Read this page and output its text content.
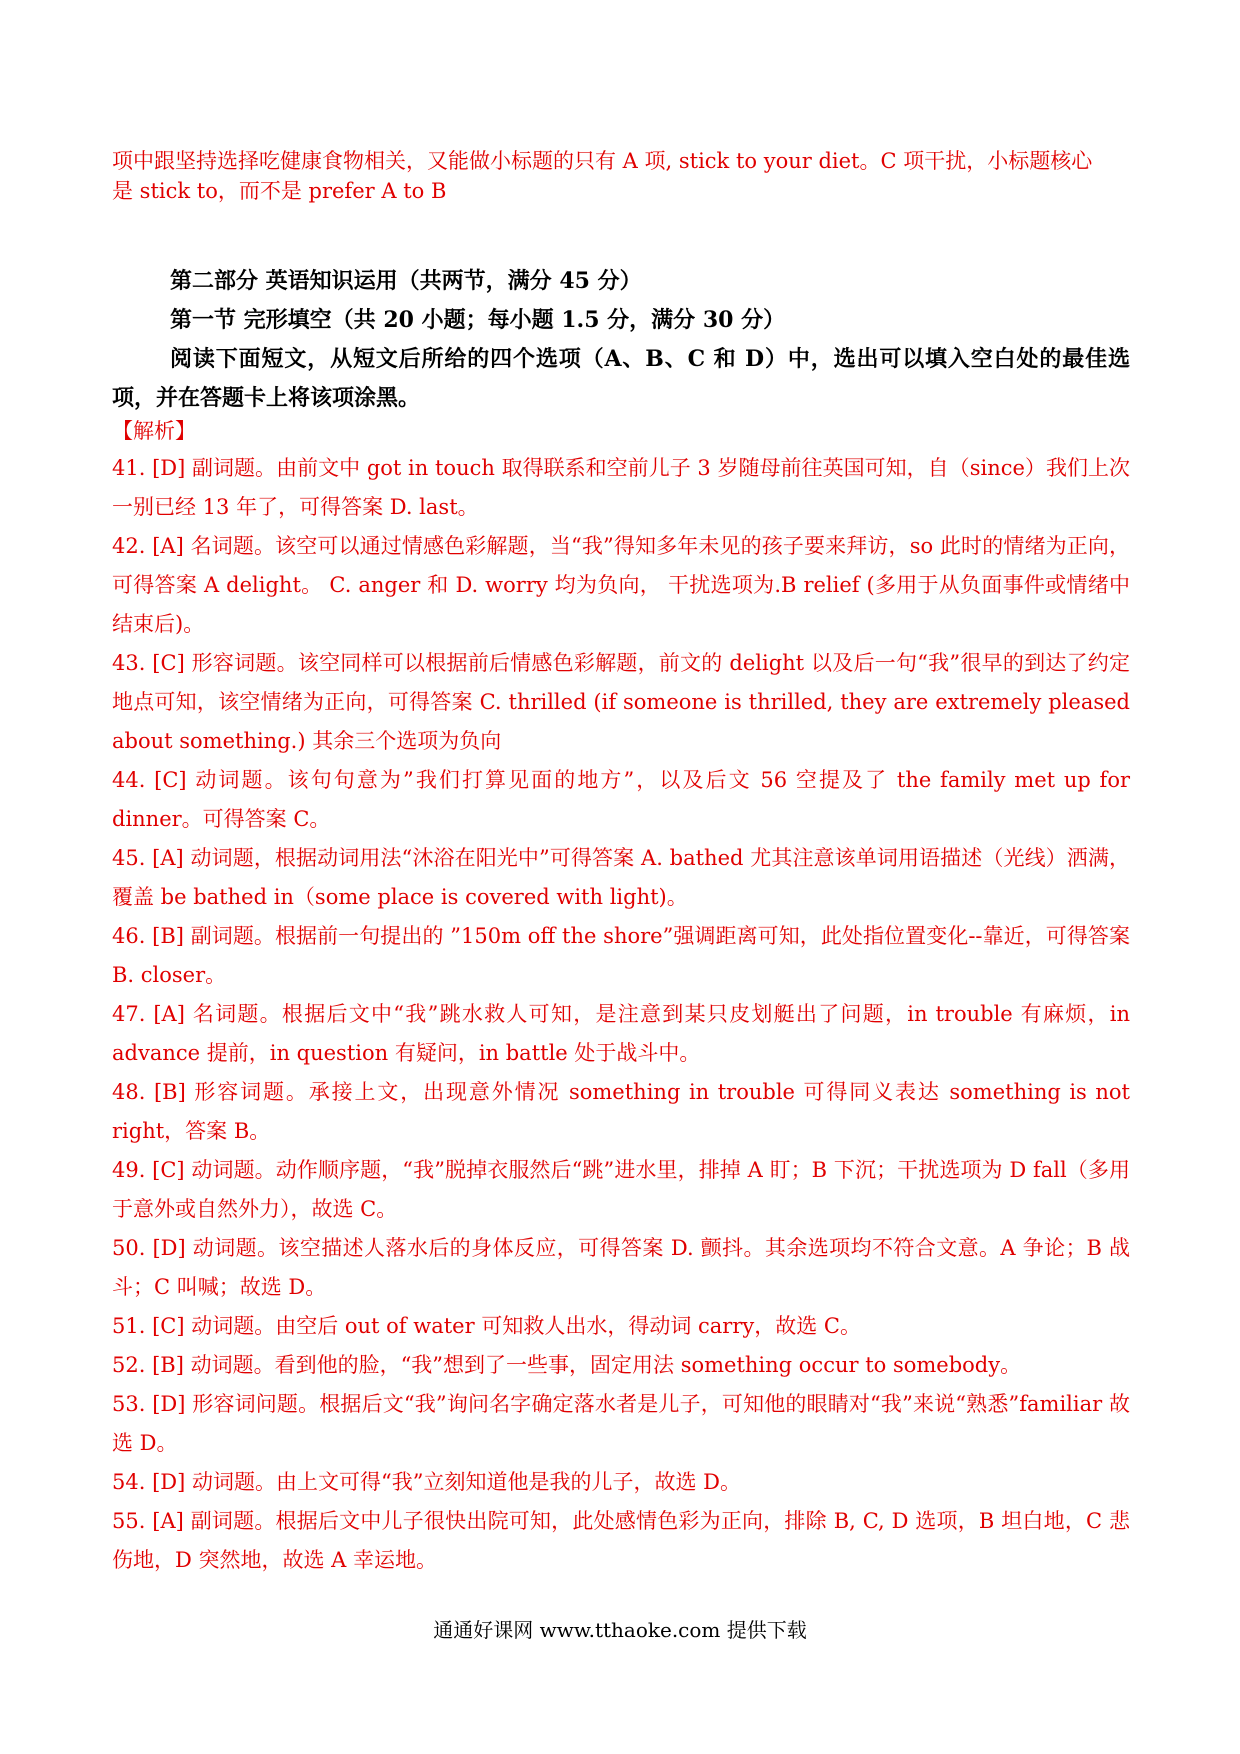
项中跟坚持选择吃健康食物相关，又能做小标题的只有 A 项, stick to your diet。C 项干扰，小标题核心

是 stick to，而不是 prefer A to B

第二部分 英语知识运用（共两节，满分 45 分）

第一节 完形填空（共 20 小题；每小题 1.5 分，满分 30 分）

阅读下面短文，从短文后所给的四个选项（A、B、C 和 D）中，选出可以填入空白处的最佳选项，并在答题卡上将该项涂黑。

【解析】

41. [D] 副词题。由前文中 got in touch 取得联系和空前儿子 3 岁随母前往英国可知，自（since）我们上次一别已经 13 年了，可得答案 D. last。

42. [A] 名词题。该空可以通过情感色彩解题，当“我”得知多年未见的孩子要来拜访，so 此时的情绪为正向，可得答案 A delight。 C. anger 和 D. worry 均为负向， 干扰选项为.B relief (多用于从负面事件或情绪中结束后)。

43. [C] 形容词题。该空同样可以根据前后情感色彩解题，前文的 delight 以及后一句“我”很早的到达了约定地点可知，该空情绪为正向，可得答案 C. thrilled (if someone is thrilled, they are extremely pleased about something.) 其余三个选项为负向

44. [C] 动词题。该句句意为”我们打算见面的地方”，以及后文 56 空提及了 the family met up for dinner。可得答案 C。

45. [A] 动词题，根据动词用法“沐浴在阳光中”可得答案 A. bathed 尤其注意该单词用语描述（光线）洒满，覆盖 be bathed in（some place is covered with light)。

46. [B] 副词题。根据前一句提出的 ”150m off the shore”强调距离可知，此处指位置变化--靠近，可得答案 B. closer。

47. [A] 名词题。根据后文中“我”跳水救人可知，是注意到某只皮划艇出了问题，in trouble 有麻烦，in advance 提前，in question 有疑问，in battle 处于战斗中。

48. [B] 形容词题。承接上文，出现意外情况 something in trouble 可得同义表达 something is not right，答案 B。

49. [C] 动词题。动作顺序题，“我”脱掉衣服然后“跳”进水里，排掉 A 盯；B 下沉；干扰选项为 D fall（多用于意外或自然外力），故选 C。

50. [D] 动词题。该空描述人落水后的身体反应，可得答案 D. 颤抖。其余选项均不符合文意。A 争论；B 战斗；C 叫喊；故选 D。

51. [C] 动词题。由空后 out of water 可知救人出水，得动词 carry，故选 C。

52. [B] 动词题。看到他的脸，“我”想到了一些事，固定用法 something occur to somebody。

53. [D] 形容词问题。根据后文“我”询问名字确定落水者是儿子，可知他的眼睛对“我”来说“熟悉”familiar 故选 D。

54. [D] 动词题。由上文可得“我”立刻知道他是我的儿子，故选 D。

55. [A] 副词题。根据后文中儿子很快出院可知，此处感情色彩为正向，排除 B, C, D 选项，B 坦白地，C 悲伤地，D 突然地，故选 A 幸运地。

通通好课网 www.tthaoke.com 提供下载
